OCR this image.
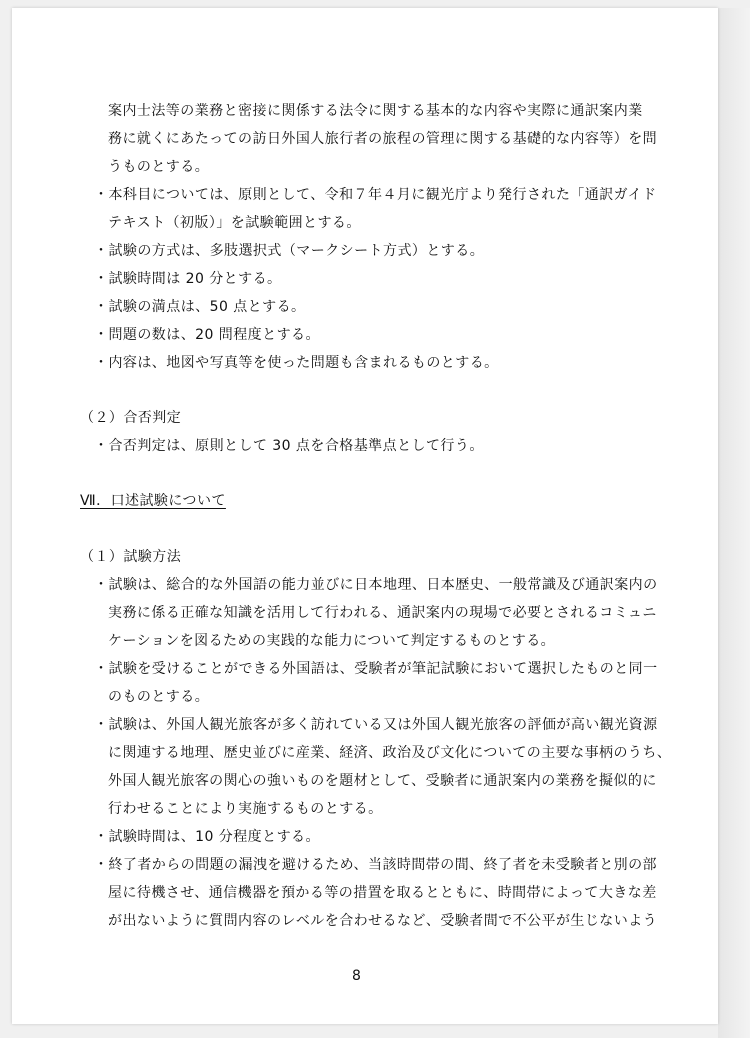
案内士法等の業務と密接に関係する法令に関する基本的な内容や実際に通訳案内業
務に就くにあたっての訪日外国人旅行者の旅程の管理に関する基礎的な内容等）を問
うものとする。
・本科目については、原則として、令和７年４月に観光庁より発行された「通訳ガイド
テキスト（初版）」を試験範囲とする。
・試験の方式は、多肢選択式（マークシート方式）とする。
・試験時間は 20 分とする。
・試験の満点は、50 点とする。
・問題の数は、20 問程度とする。
・内容は、地図や写真等を使った問題も含まれるものとする。
（２）合否判定
・合否判定は、原則として 30 点を合格基準点として行う。
Ⅶ．口述試験について
（１）試験方法
・試験は、総合的な外国語の能力並びに日本地理、日本歴史、一般常識及び通訳案内の
実務に係る正確な知識を活用して行われる、通訳案内の現場で必要とされるコミュニ
ケーションを図るための実践的な能力について判定するものとする。
・試験を受けることができる外国語は、受験者が筆記試験において選択したものと同一
のものとする。
・試験は、外国人観光旅客が多く訪れている又は外国人観光旅客の評価が高い観光資源
に関連する地理、歴史並びに産業、経済、政治及び文化についての主要な事柄のうち、
外国人観光旅客の関心の強いものを題材として、受験者に通訳案内の業務を擬似的に
行わせることにより実施するものとする。
・試験時間は、10 分程度とする。
・終了者からの問題の漏洩を避けるため、当該時間帯の間、終了者を未受験者と別の部
屋に待機させ、通信機器を預かる等の措置を取るとともに、時間帯によって大きな差
が出ないように質問内容のレベルを合わせるなど、受験者間で不公平が生じないよう
8
